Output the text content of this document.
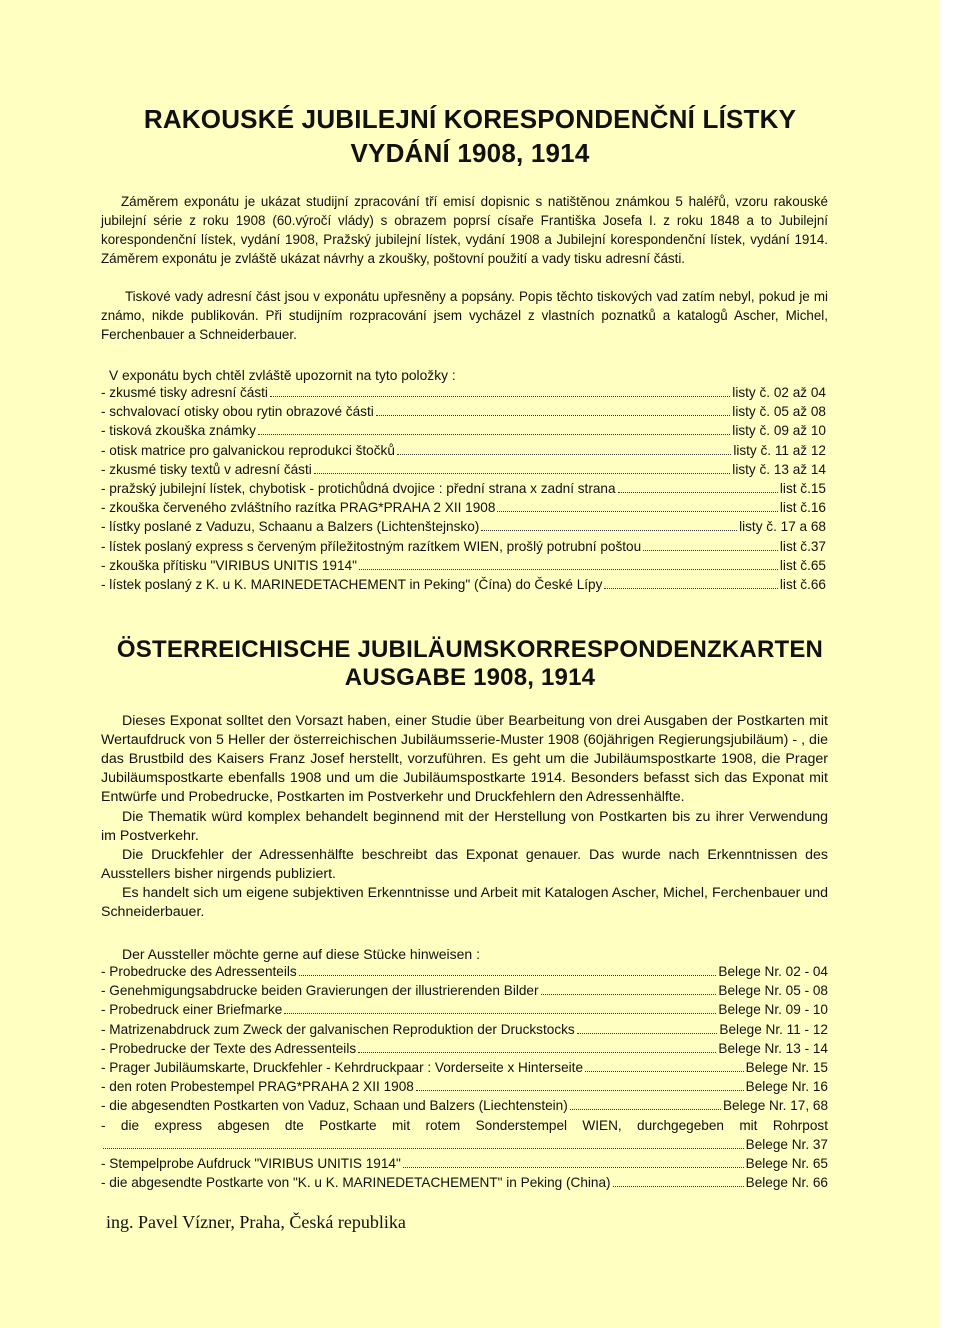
RAKOUSKÉ JUBILEJNÍ KORESPONDENČNÍ LÍSTKY
VYDÁNÍ 1908, 1914

Záměrem exponátu je ukázat studijní zpracování tří emisí dopisnic s natištěnou známkou 5 haléřů, vzoru rakouské jubilejní série z roku 1908 (60.výročí vlády) s obrazem poprsí císaře Františka Josefa I. z roku 1848 a to Jubilejní korespondenční lístek, vydání 1908, Pražský jubilejní lístek, vydání 1908 a Jubilejní korespondenční lístek, vydání 1914. Záměrem exponátu je zvláště ukázat návrhy a zkoušky, poštovní použití a vady tisku adresní části.

Tiskové vady adresní část jsou v exponátu upřesněny a popsány. Popis těchto tiskových vad zatím nebyl, pokud je mi známo, nikde publikován. Při studijním rozpracování jsem vycházel z vlastních poznatků a katalogů Ascher, Michel, Ferchenbauer a Schneiderbauer.

V exponátu bych chtěl zvláště upozornit na tyto položky :
- zkusmé tisky adresní části	listy č. 02 až 04
- schvalovací otisky obou rytin obrazové části	listy č. 05 až 08
- tisková zkouška známky	listy č. 09 až 10
- otisk matrice pro galvanickou reprodukci štočků	listy č. 11 až 12
- zkusmé tisky textů v adresní části	listy č. 13 až 14
- pražský jubilejní lístek, chybotisk - protichůdná dvojice : přední strana x zadní strana	list č.15
- zkouška červeného zvláštního razítka PRAG*PRAHA 2 XII 1908	list č.16
- lístky poslané z Vaduzu, Schaanu a Balzers (Lichtenštejnsko)	listy č. 17 a 68
- lístek poslaný express s červeným příležitostným razítkem WIEN, prošlý potrubní poštou	list č.37
- zkouška přítisku "VIRIBUS UNITIS 1914"	list č.65
- lístek poslaný z K. u K. MARINEDETACHEMENT in Peking" (Čína) do České Lípy	list č.66
ÖSTERREICHISCHE JUBILÄUMSKORRESPONDENZKARTEN
AUSGABE 1908, 1914

Dieses Exponat solltet den Vorsazt haben, einer Studie über Bearbeitung von drei Ausgaben der Postkarten mit Wertaufdruck von 5 Heller der österreichischen Jubiläumsserie-Muster 1908 (60jährigen Regierungsjubiläum) - , die das Brustbild des Kaisers Franz Josef herstellt, vorzuführen. Es geht um die Jubiläumspostkarte 1908, die Prager Jubiläumspostkarte ebenfalls 1908 und um die Jubiläumspostkarte 1914. Besonders befasst sich das Exponat mit Entwürfe und Probedrucke, Postkarten im Postverkehr und Druckfehlern den Adressenhälfte.

Die Thematik würd komplex behandelt beginnend mit der Herstellung von Postkarten bis zu ihrer Verwendung im Postverkehr.

Die Druckfehler der Adressenhälfte beschreibt das Exponat genauer. Das wurde nach Erkenntnissen des Ausstellers bisher nirgends publiziert.

Es handelt sich um eigene subjektiven Erkenntnisse und Arbeit mit Katalogen Ascher, Michel, Ferchenbauer und Schneiderbauer.

Der Aussteller möchte gerne auf diese Stücke hinweisen :
- Probedrucke des Adressenteils	Belege Nr. 02 - 04
- Genehmigungsabdrucke beiden Gravierungen der illustrierenden Bilder	Belege Nr. 05 - 08
- Probedruck einer Briefmarke	Belege Nr. 09 - 10
- Matrizenabdruck zum Zweck der galvanischen Reproduktion der Druckstocks	Belege Nr. 11 - 12
- Probedrucke der Texte des Adressenteils	Belege Nr. 13 - 14
- Prager Jubiläumskarte, Druckfehler - Kehrdruckpaar : Vorderseite x Hinterseite	Belege Nr. 15
- den roten Probestempel PRAG*PRAHA 2 XII 1908	Belege Nr. 16
- die abgesendten Postkarten von Vaduz, Schaan und Balzers (Liechtenstein)	Belege Nr. 17, 68
- die express abgesen dte Postkarte mit rotem Sonderstempel WIEN, durchgegeben mit Rohrpost
Belege Nr. 37
- Stempelprobe Aufdruck "VIRIBUS UNITIS 1914"	Belege Nr. 65
- die abgesendte Postkarte von "K. u K. MARINEDETACHEMENT" in Peking (China)	Belege Nr. 66
ing. Pavel Vízner, Praha, Česká republika
